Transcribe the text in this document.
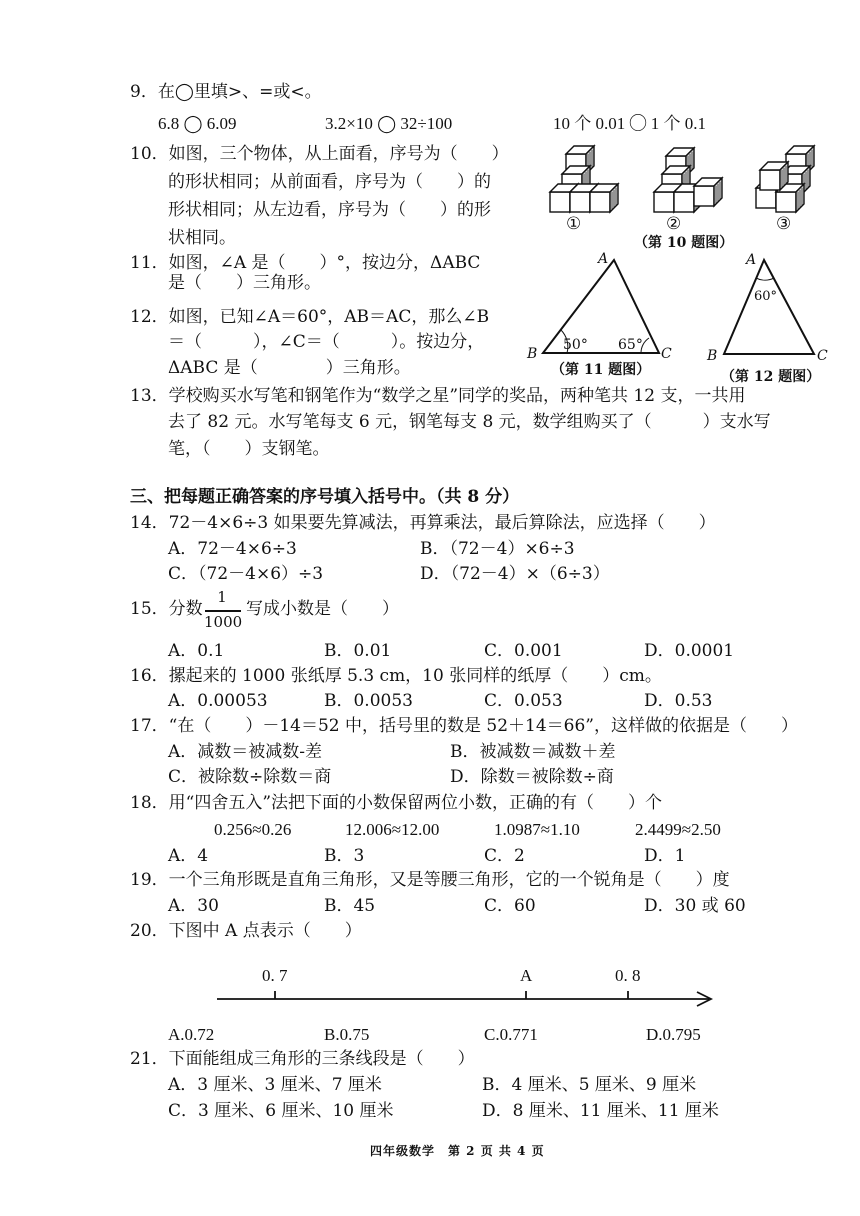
9．在◯里填>、=或<。
6.8 ◯ 6.09	3.2×10 ◯ 32÷100	10 个 0.01 ◯ 1 个 0.1
10．如图，三个物体，从上面看，序号为（　　）
的形状相同；从前面看，序号为（　　）的
形状相同；从左边看，序号为（　　）的形
状相同。
①	②	③
（第 10 题图）
11．如图，∠A 是（　　）°，按边分，ΔABC
是（　　）三角形。
12．如图，已知∠A＝60°，AB＝AC，那么∠B
＝（　　　），∠C＝（　　　）。按边分，
ΔABC 是（　　　　）三角形。
A
B	C
50° 65°
（第 11 题图）
A
B	C
60°
（第 12 题图）
13．学校购买水写笔和钢笔作为“数学之星”同学的奖品，两种笔共 12 支，一共用
去了 82 元。水写笔每支 6 元，钢笔每支 8 元，数学组购买了（　　　）支水写
笔，（　　）支钢笔。
三、把每题正确答案的序号填入括号中。（共 8 分）
14．72－4×6÷3 如果要先算减法，再算乘法，最后算除法，应选择（　　）
A．72－4×6÷3	B．（72－4）×6÷3
C．（72－4×6）÷3	D．（72－4）×（6÷3）
15．分数
1
1000
写成小数是（　　）
A．0.1	B．0.01	C．0.001	D．0.0001
16．摞起来的 1000 张纸厚 5.3 cm，10 张同样的纸厚（　　）cm。
A．0.00053	B．0.0053	C．0.053	D．0.53
17．“在（　　）－14＝52 中，括号里的数是 52＋14＝66”，这样做的依据是（　　）
A．减数＝被减数-差	B．被减数＝减数＋差
C．被除数÷除数＝商	D．除数＝被除数÷商
18．用“四舍五入”法把下面的小数保留两位小数，正确的有（　　）个
0.256≈0.26	12.006≈12.00	1.0987≈1.10	2.4499≈2.50
A．4	B．3	C．2	D．1
19．一个三角形既是直角三角形，又是等腰三角形，它的一个锐角是（　　）度
A．30	B．45	C．60	D．30 或 60
20．下图中 A 点表示（　　）
0. 7	A	0. 8
A.0.72	B.0.75	C.0.771	D.0.795
21．下面能组成三角形的三条线段是（　　）
A．3 厘米、3 厘米、7 厘米	B．4 厘米、5 厘米、9 厘米
C．3 厘米、6 厘米、10 厘米	D．8 厘米、11 厘米、11 厘米
四年级数学　第 2 页 共 4 页
